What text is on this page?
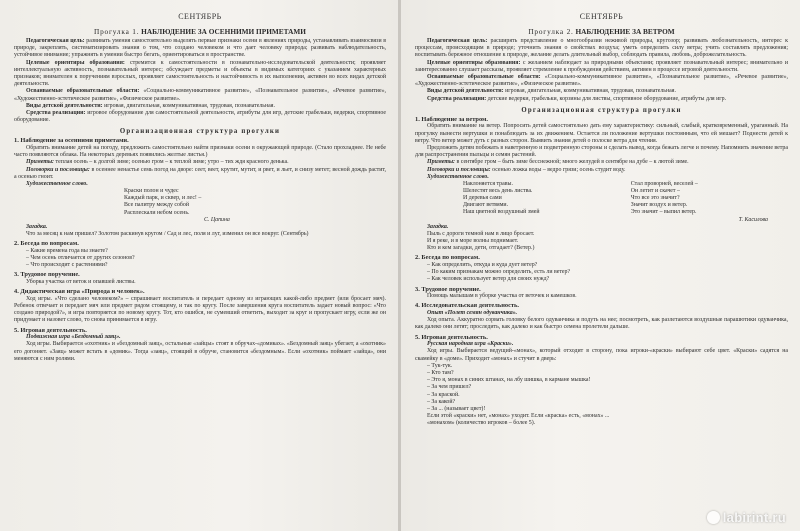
СЕНТЯБРЬ
Прогулка 1. НАБЛЮДЕНИЕ ЗА ОСЕННИМИ ПРИМЕТАМИ

Педагогическая цель: развивать умения самостоятельно выделять первые признаки осени в явлениях природы, устанавливать взаимосвязи в природе, закреплять, систематизировать знания о том, что создано человеком и что дает человеку природа; развивать наблюдательность, устойчивое внимание; упражнять в умении быстро бегать, ориентироваться в пространстве.

Целевые ориентиры образования: стремится к самостоятельности в познавательно-исследовательской деятельности; проявляет интеллектуальную активность, познавательный интерес; обсуждает предметы и объекты в видимых категориях с указанием характерных признаков; внимателен к поручениям взрослых, проявляет самостоятельность и настойчивость в их выполнении, активен во всех видах детской деятельности.

Осваиваемые образовательные области: «Социально-коммуникативное развитие», «Познавательное развитие», «Речевое развитие», «Художественно-эстетическое развитие», «Физическое развитие».

Виды детской деятельности: игровая, двигательная, коммуникативная, трудовая, познавательная.

Средства реализации: игровое оборудование для самостоятельной деятельности, атрибуты для игр, детские грабельки, ведерки, спортивное оборудование.

Организационная структура прогулки
1. Наблюдение за осенними приметами.

Обратить внимание детей на погоду, предложить самостоятельно найти признаки осени в окружающей природе. (Стало прохладнее. Не небе часто появляются облака. На некоторых деревьях появились желтые листья.)

Приметы: теплая осень – к долгой зиме; осенью гром – к теплой зиме; утро – тих ждя красного денька.

Поговорки и пословицы: в осеннее ненастье семь погод на дворе: сеет, веет, крутит, мутит, и рвет, и льет, и снизу метет; весной дождь растит, а осенью гноит.

Художественное слово.

Краски полон и чудес
Каждый парк, и сквер, и лес! –
Все палитру между собой
Расплескали небом осень.
С. Цапина

Загадка.

Что за месяц к нам пришел? Золотом раскинув кругом / Сад и лес, поля и луг, изменил он все вокруг. (Сентябрь)

2. Беседа по вопросам.

– Какие времена года вы знаете?

– Чем осень отличается от других сезонов?

– Что происходит с растениями?

3. Трудовое поручение.

Уборка участка от веток и опавшей листвы.

4. Дидактическая игра «Природа и человек».

Ход игры. «Что сделано человеком?» – спрашивает воспитатель и передает одному из играющих какой-либо предмет (или бросает мяч). Ребенок отвечает и передает мяч или предмет рядом стоящему, и так по кругу. После завершения круга воспитатель задает новый вопрос: «Что создано природой?», и игра повторяется по новому кругу. Тот, кто ошибся, не сумевший ответить, выходит за круг и пропускает игру, если же он придумает и назовет слово, то снова принимается в игру.

5. Игровая деятельность.

Подвижная игра «Бездомный заяц».

Ход игры. Выбирается «охотник» и «бездомный заяц», остальные «зайцы» стоят в обручах-«домиках». «Бездомный заяц» убегает, а «охотник» его догоняет. «Заяц» может встать в «домик». Тогда «заяц», стоящий в обруче, становится «бездомным». Если «охотник» поймает «зайца», они меняются с ним ролями.

СЕНТЯБРЬ
Прогулка 2. НАБЛЮДЕНИЕ ЗА ВЕТРОМ

Педагогическая цель: расширять представление о многообразии неживой природы, кругозор; развивать любознательность, интерес к процессам, происходящим в природе; уточнить знания о свойствах воздуха; уметь определить силу ветра; учить составлять предложения; воспитывать бережное отношение к природе, желание делать длительный выбор, соблюдать правила, любовь, доброжелательность.

Целевые ориентиры образования: с желанием наблюдает за природными объектами; проявляет познавательный интерес; внимательно и заинтересованно слушает рассказы, проявляет стремление к пробуждения действием, активен в процессе игровой деятельности.

Осваиваемые образовательные области: «Социально-коммуникативное развитие», «Познавательное развитие», «Речевое развитие», «Художественно-эстетическое развитие», «Физическое развитие».

Виды детской деятельности: игровая, двигательная, коммуникативная, трудовая, познавательная.

Средства реализации: детские ведерки, грабельки, корзины для листвы, спортивное оборудование, атрибуты для игр.

Организационная структура прогулки
1. Наблюдение за ветром.

Обратить внимание на ветер. Попросить детей самостоятельно дать ему характеристику: сильный, слабый, кратковременный, ураганный. На прогулку вынести вертушки и понаблюдать за их движением. Остается ли положение вертушки постоянным, что ей мешает? Поднести детей к ветру. Что ветер может дуть с разных сторон. Выявить знания детей о полоске ветра для чтения.

Предложить детям побежать в наветренную и подветренную стороны и сделать вывод, когда бежать легче и почему. Напомнить значение ветра для распространения пыльцы и семян растений.

Приметы: в сентябре гром – быть зиме бесснежной; много желудей в сентябре на дубе – к лютой зиме.

Поговорки и пословицы: осенью ложка воды – ведро грязи; осень студит воду.

Художественное слово.

Наклоняется травы.
Шелестят весь день листва.
И деревья сами
Двигают ветвями.
Наш цветной воздушный змей
Стал проворней, веселей –
Он летит и скачет –
Что все это значит?
Значит воздух и ветер.
Это значит – выпил ветер.
Т. Касилова

Загадка.

Пыль с дороги темной нам в лицо бросает.

И я реке, и в море волны поднимает.

Кто и кем загадки, дети, отгадает? (Ветер.)

2. Беседа по вопросам.

– Как определить, откуда и куда дует ветер?

– По каким признакам можно определить, есть ли ветер?

– Как человек использует ветер для своих нужд?

3. Трудовое поручение.

Помощь малышам в уборке участка от веточек и камешков.

4. Исследовательская деятельность.

Опыт «Полет семян одуванчика».

Ход опыта. Аккуратно сорвать головку белого одуванчика и подуть на нее; посмотреть, как разлетаются воздушные парашютики одуванчика, как далеко они летят; проследить, как далеко и как быстро семена пролетели дальше.

5. Игровая деятельность.

Русская народная игра «Краски».

Ход игры. Выбирается ведущий-«монах», который отходит в сторону, пока игроки-«краски» выбирают себе цвет. «Краски» садятся на скамейку в «доме». Приходит «монах» и стучит в дверь:

– Тук-тук.

– Кто там?

– Это я, монах в синих штанах, на лбу шишка, в кармане мышка!

– За чем пришел?

– За краской.

– За какой?

– За ... (называет цвет)!

Если этой «краски» нет, «монах» уходит. Если «краска» есть, «монах» ...

«монахом» (количество игроков – более 5).

labirint.ru
